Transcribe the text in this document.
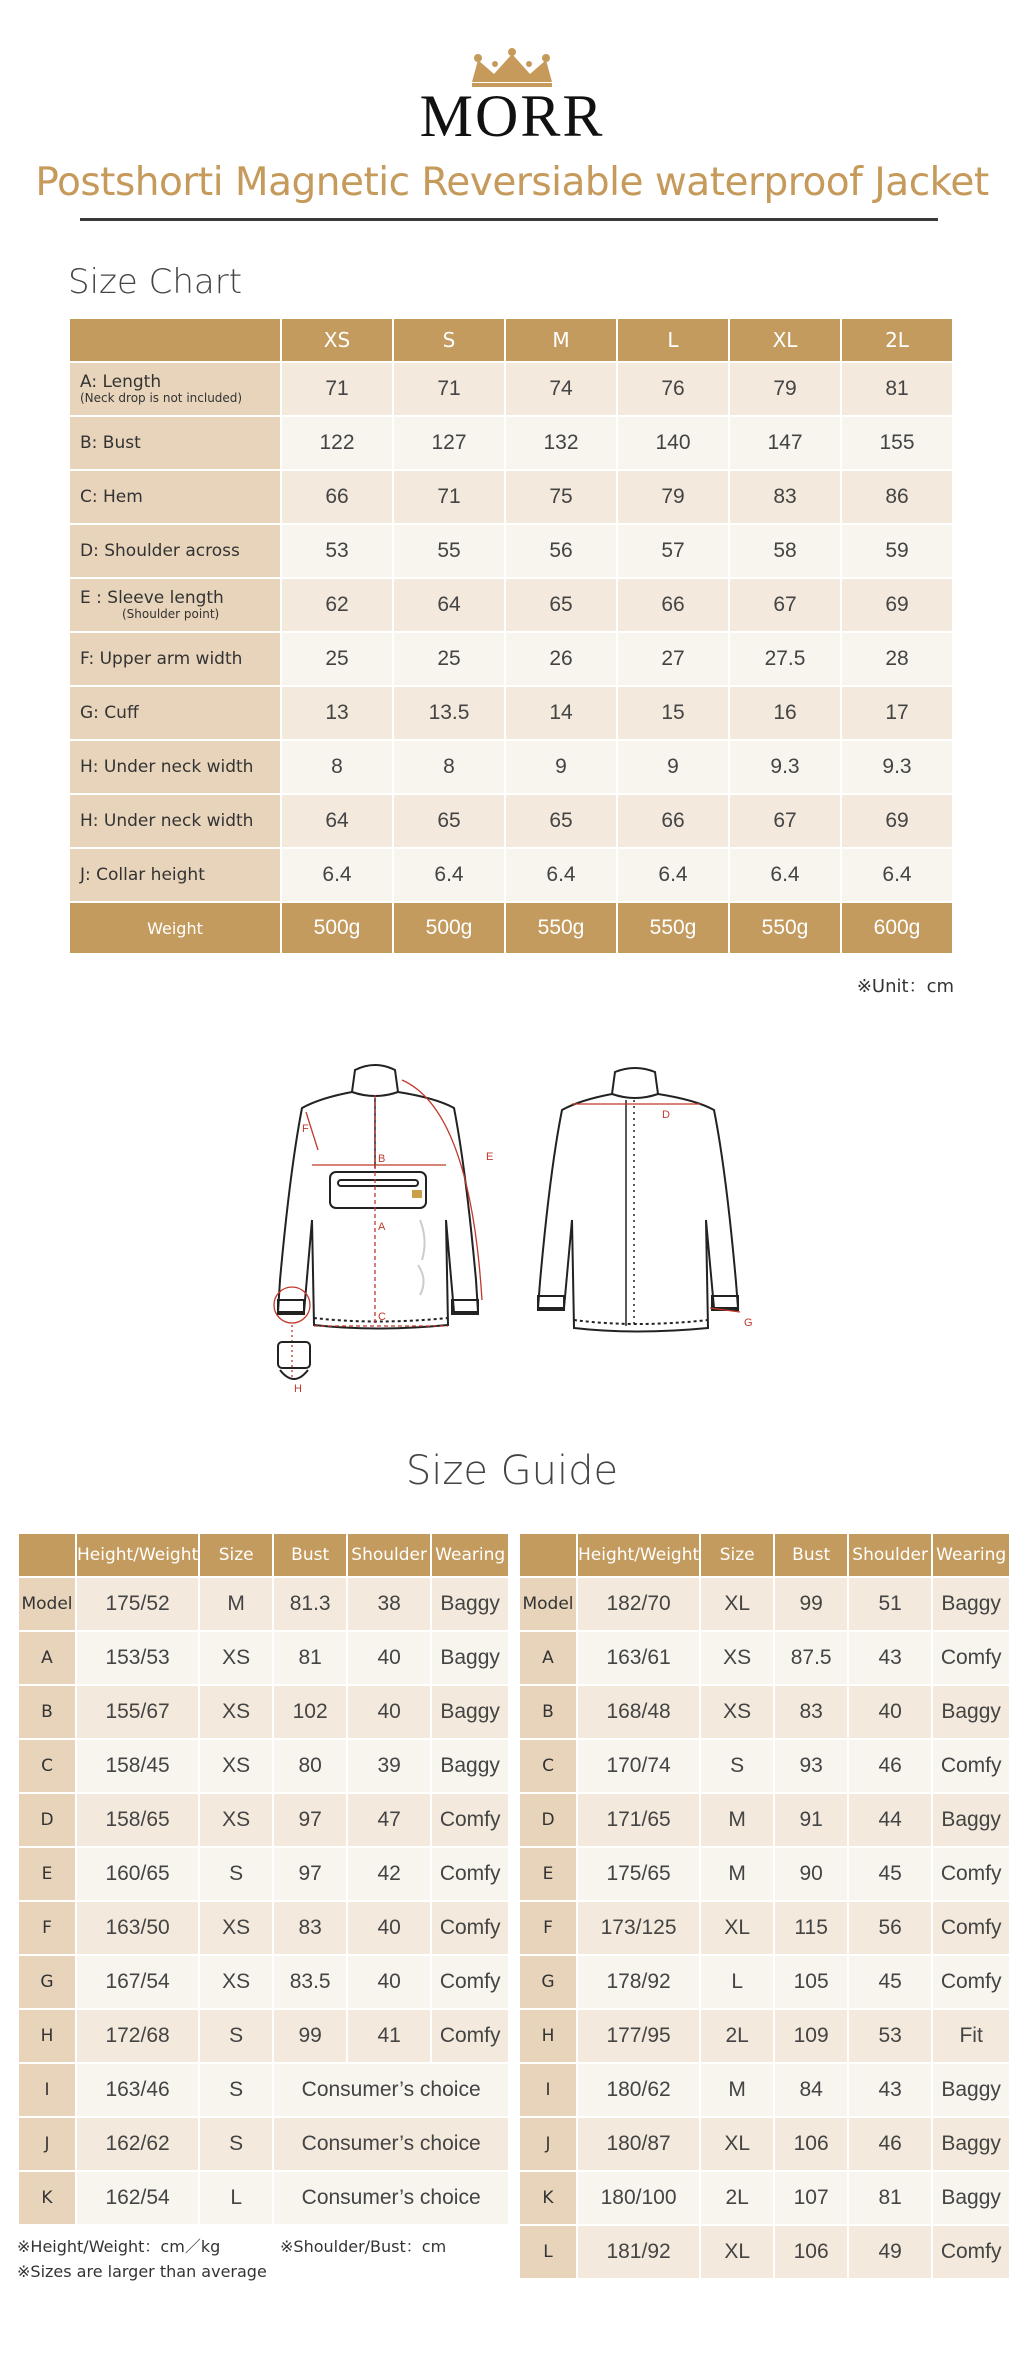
MORR
Postshorti Magnetic Reversiable waterproof Jacket
Size Chart
	XS	S	M	L	XL	2L
A: Length
(Neck drop is not included)	71	71	74	76	79	81
B: Bust	122	127	132	140	147	155
C: Hem	66	71	75	79	83	86
D: Shoulder across	53	55	56	57	58	59
E : Sleeve length
(Shoulder point)	62	64	65	66	67	69
F: Upper arm width	25	25	26	27	27.5	28
G: Cuff	13	13.5	14	15	16	17
H: Under neck width	8	8	9	9	9.3	9.3
H: Under neck width	64	65	65	66	67	69
J: Collar height	6.4	6.4	6.4	6.4	6.4	6.4
Weight	500g	500g	550g	550g	550g	600g
※Unit：cm
A
B
C
E
F
H
D
G
Size Guide
	Height/Weight	Size	Bust	Shoulder	Wearing
Model	175/52	M	81.3	38	Baggy
A	153/53	XS	81	40	Baggy
B	155/67	XS	102	40	Baggy
C	158/45	XS	80	39	Baggy
D	158/65	XS	97	47	Comfy
E	160/65	S	97	42	Comfy
F	163/50	XS	83	40	Comfy
G	167/54	XS	83.5	40	Comfy
H	172/68	S	99	41	Comfy
I	163/46	S	Consumer’s choice		
J	162/62	S	Consumer’s choice		
K	162/54	L	Consumer’s choice		
	Height/Weight	Size	Bust	Shoulder	Wearing
Model	182/70	XL	99	51	Baggy
A	163/61	XS	87.5	43	Comfy
B	168/48	XS	83	40	Baggy
C	170/74	S	93	46	Comfy
D	171/65	M	91	44	Baggy
E	175/65	M	90	45	Comfy
F	173/125	XL	115	56	Comfy
G	178/92	L	105	45	Comfy
H	177/95	2L	109	53	Fit
I	180/62	M	84	43	Baggy
J	180/87	XL	106	46	Baggy
K	180/100	2L	107	81	Baggy
L	181/92	XL	106	49	Comfy
※Height/Weight：cm／kg	※Shoulder/Bust：cm
※Sizes are larger than average
